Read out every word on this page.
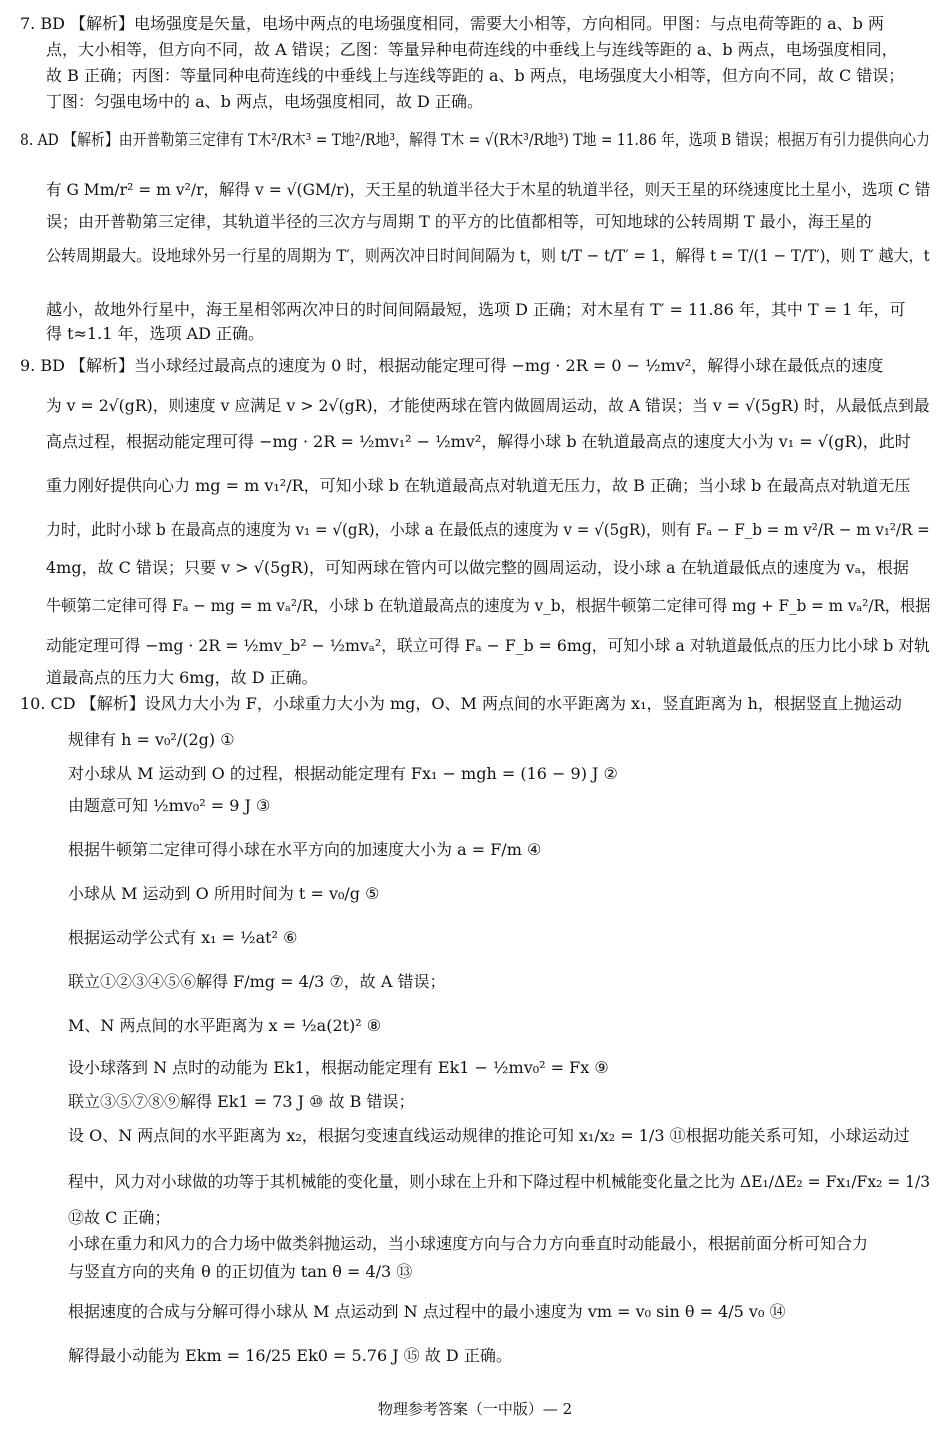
7. BD 【解析】电场强度是矢量，电场中两点的电场强度相同，需要大小相等，方向相同。甲图：与点电荷等距的 a、b 两
点，大小相等，但方向不同，故 A 错误；乙图：等量异种电荷连线的中垂线上与连线等距的 a、b 两点，电场强度相同，
故 B 正确；丙图：等量同种电荷连线的中垂线上与连线等距的 a、b 两点，电场强度大小相等，但方向不同，故 C 错误；
丁图：匀强电场中的 a、b 两点，电场强度相同，故 D 正确。
8. AD 【解析】由开普勒第三定律有 T木²/R木³ = T地²/R地³，解得 T木 = √(R木³/R地³) T地 = 11.86 年，选项 B 错误；根据万有引力提供向心力
有 G Mm/r² = m v²/r，解得 v = √(GM/r)，天王星的轨道半径大于木星的轨道半径，则天王星的环绕速度比土星小，选项 C 错
误；由开普勒第三定律，其轨道半径的三次方与周期 T 的平方的比值都相等，可知地球的公转周期 T 最小，海王星的
公转周期最大。设地球外另一行星的周期为 T′，则两次冲日时间间隔为 t，则 t/T − t/T′ = 1，解得 t = T/(1 − T/T′)，则 T′ 越大，t
越小，故地外行星中，海王星相邻两次冲日的时间间隔最短，选项 D 正确；对木星有 T′ = 11.86 年，其中 T = 1 年，可
得 t≈1.1 年，选项 AD 正确。
9. BD 【解析】当小球经过最高点的速度为 0 时，根据动能定理可得 −mg · 2R = 0 − ½mv²，解得小球在最低点的速度
为 v = 2√(gR)，则速度 v 应满足 v > 2√(gR)，才能使两球在管内做圆周运动，故 A 错误；当 v = √(5gR) 时，从最低点到最
高点过程，根据动能定理可得 −mg · 2R = ½mv₁² − ½mv²，解得小球 b 在轨道最高点的速度大小为 v₁ = √(gR)，此时
重力刚好提供向心力 mg = m v₁²/R，可知小球 b 在轨道最高点对轨道无压力，故 B 正确；当小球 b 在最高点对轨道无压
力时，此时小球 b 在最高点的速度为 v₁ = √(gR)，小球 a 在最低点的速度为 v = √(5gR)，则有 Fₐ − F_b = m v²/R − m v₁²/R =
4mg，故 C 错误；只要 v > √(5gR)，可知两球在管内可以做完整的圆周运动，设小球 a 在轨道最低点的速度为 vₐ，根据
牛顿第二定律可得 Fₐ − mg = m vₐ²/R，小球 b 在轨道最高点的速度为 v_b，根据牛顿第二定律可得 mg + F_b = m vₐ²/R，根据
动能定理可得 −mg · 2R = ½mv_b² − ½mvₐ²，联立可得 Fₐ − F_b = 6mg，可知小球 a 对轨道最低点的压力比小球 b 对轨
道最高点的压力大 6mg，故 D 正确。
10. CD 【解析】设风力大小为 F，小球重力大小为 mg，O、M 两点间的水平距离为 x₁，竖直距离为 h，根据竖直上抛运动
规律有 h = v₀²/(2g) ①
对小球从 M 运动到 O 的过程，根据动能定理有 Fx₁ − mgh = (16 − 9) J ②
由题意可知 ½mv₀² = 9 J ③
根据牛顿第二定律可得小球在水平方向的加速度大小为 a = F/m ④
小球从 M 运动到 O 所用时间为 t = v₀/g ⑤
根据运动学公式有 x₁ = ½at² ⑥
联立①②③④⑤⑥解得 F/mg = 4/3 ⑦，故 A 错误；
M、N 两点间的水平距离为 x = ½a(2t)² ⑧
设小球落到 N 点时的动能为 Ek1，根据动能定理有 Ek1 − ½mv₀² = Fx ⑨
联立③⑤⑦⑧⑨解得 Ek1 = 73 J ⑩ 故 B 错误；
设 O、N 两点间的水平距离为 x₂，根据匀变速直线运动规律的推论可知 x₁/x₂ = 1/3 ⑪根据功能关系可知，小球运动过
程中，风力对小球做的功等于其机械能的变化量，则小球在上升和下降过程中机械能变化量之比为 ΔE₁/ΔE₂ = Fx₁/Fx₂ = 1/3
⑫故 C 正确；
小球在重力和风力的合力场中做类斜抛运动，当小球速度方向与合力方向垂直时动能最小，根据前面分析可知合力
与竖直方向的夹角 θ 的正切值为 tan θ = 4/3 ⑬
根据速度的合成与分解可得小球从 M 点运动到 N 点过程中的最小速度为 vm = v₀ sin θ = 4/5 v₀ ⑭
解得最小动能为 Ekm = 16/25 Ek0 = 5.76 J ⑮ 故 D 正确。
物理参考答案（一中版）— 2
